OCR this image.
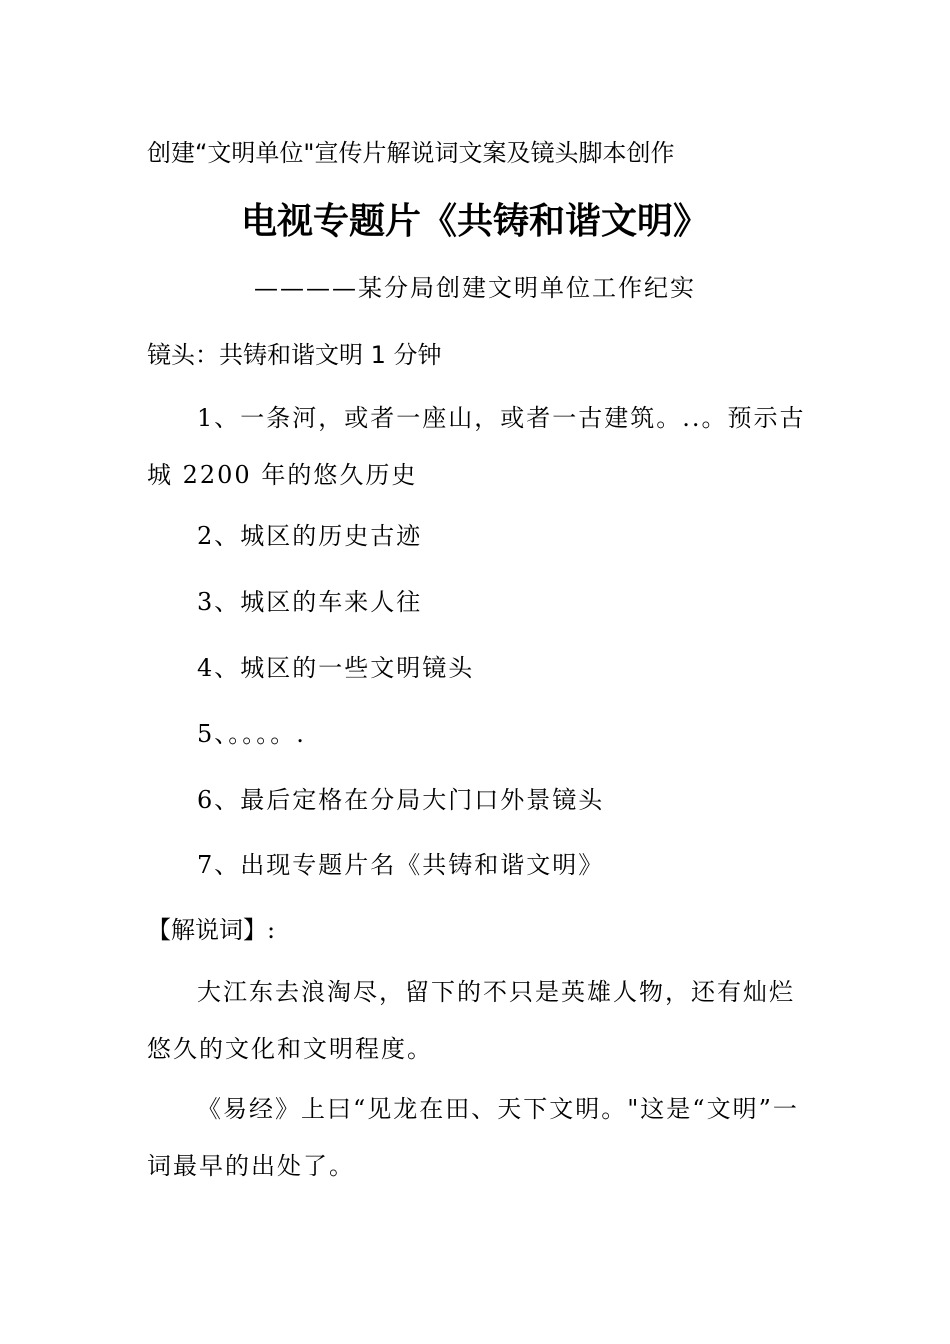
创建“文明单位"宣传片解说词文案及镜头脚本创作
电视专题片《共铸和谐文明》
————某分局创建文明单位工作纪实
镜头：共铸和谐文明 1 分钟
1、一条河，或者一座山，或者一古建筑。..。预示古城 2200 年的悠久历史
2、城区的历史古迹
3、城区的车来人往
4、城区的一些文明镜头
5、。。。。.
6、最后定格在分局大门口外景镜头
7、出现专题片名《共铸和谐文明》
【解说词】:
大江东去浪淘尽，留下的不只是英雄人物，还有灿烂悠久的文化和文明程度。
《易经》上曰“见龙在田、天下文明。"这是“文明”一词最早的出处了。
